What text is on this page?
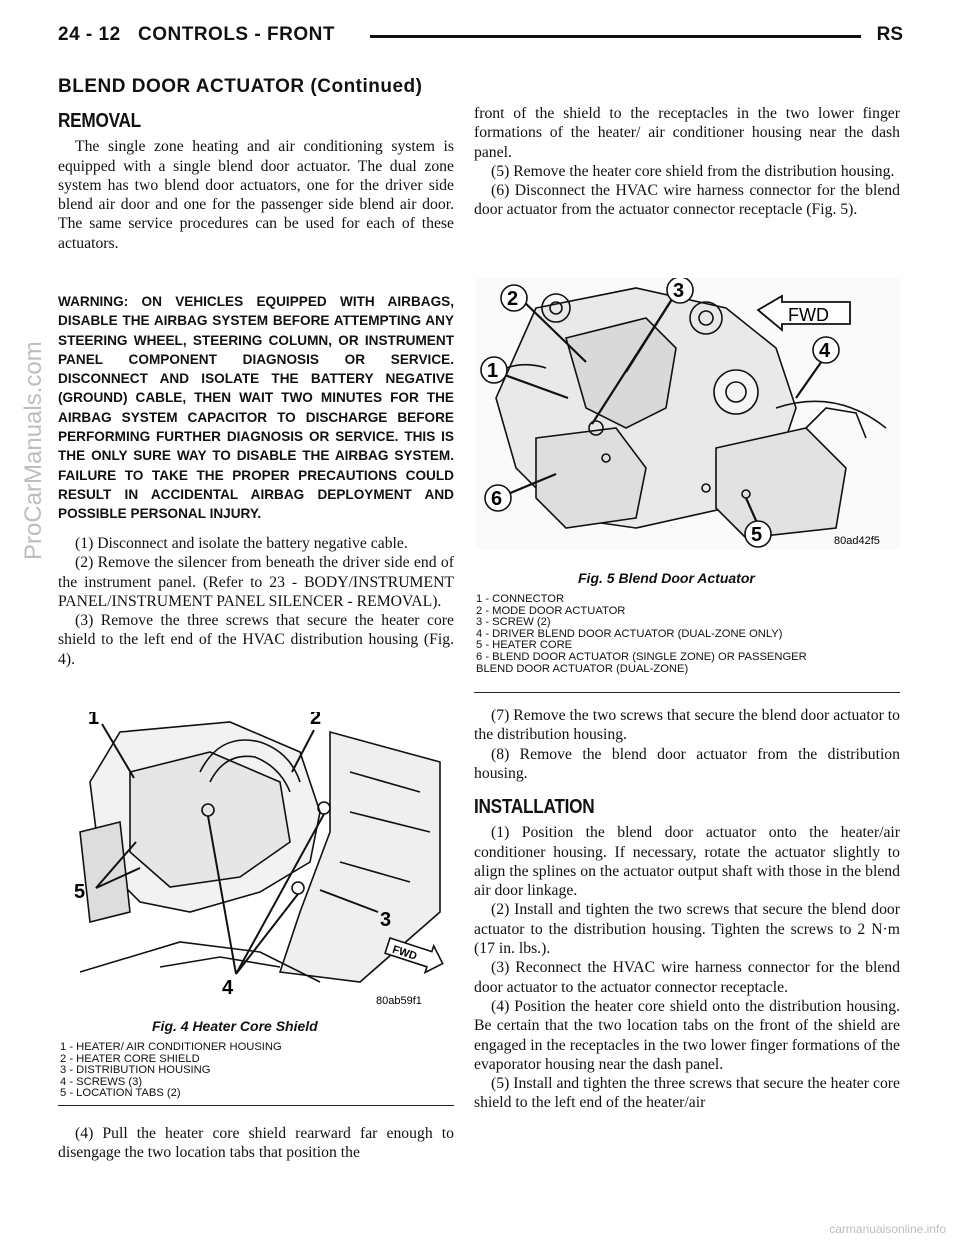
24 - 12 CONTROLS - FRONT	RS
BLEND DOOR ACTUATOR (Continued)
REMOVAL

The single zone heating and air conditioning system is equipped with a single blend door actuator. The dual zone system has two blend door actuators, one for the driver side blend air door and one for the passenger side blend air door. The same service procedures can be used for each of these actuators.

WARNING: ON VEHICLES EQUIPPED WITH AIRBAGS, DISABLE THE AIRBAG SYSTEM BEFORE ATTEMPTING ANY STEERING WHEEL, STEERING COLUMN, OR INSTRUMENT PANEL COMPONENT DIAGNOSIS OR SERVICE. DISCONNECT AND ISOLATE THE BATTERY NEGATIVE (GROUND) CABLE, THEN WAIT TWO MINUTES FOR THE AIRBAG SYSTEM CAPACITOR TO DISCHARGE BEFORE PERFORMING FURTHER DIAGNOSIS OR SERVICE. THIS IS THE ONLY SURE WAY TO DISABLE THE AIRBAG SYSTEM. FAILURE TO TAKE THE PROPER PRECAUTIONS COULD RESULT IN ACCIDENTAL AIRBAG DEPLOYMENT AND POSSIBLE PERSONAL INJURY.

(1) Disconnect and isolate the battery negative cable.

(2) Remove the silencer from beneath the driver side end of the instrument panel. (Refer to 23 - BODY/INSTRUMENT PANEL/INSTRUMENT PANEL SILENCER - REMOVAL).

(3) Remove the three screws that secure the heater core shield to the left end of the HVAC distribution housing (Fig. 4).

1	2
3
4
5
FWD
80ab59f1
Fig. 4 Heater Core Shield
1 - HEATER/ AIR CONDITIONER HOUSING
2 - HEATER CORE SHIELD
3 - DISTRIBUTION HOUSING
4 - SCREWS (3)
5 - LOCATION TABS (2)

(4) Pull the heater core shield rearward far enough to disengage the two location tabs that position the

front of the shield to the receptacles in the two lower finger formations of the heater/ air conditioner housing near the dash panel.

(5) Remove the heater core shield from the distribution housing.

(6) Disconnect the HVAC wire harness connector for the blend door actuator from the actuator connector receptacle (Fig. 5).

2	3
4
1
6
5
FWD
80ad42f5
Fig. 5 Blend Door Actuator
1 - CONNECTOR
2 - MODE DOOR ACTUATOR
3 - SCREW (2)
4 - DRIVER BLEND DOOR ACTUATOR (DUAL-ZONE ONLY)
5 - HEATER CORE
6 - BLEND DOOR ACTUATOR (SINGLE ZONE) OR PASSENGER
BLEND DOOR ACTUATOR (DUAL-ZONE)

(7) Remove the two screws that secure the blend door actuator to the distribution housing.

(8) Remove the blend door actuator from the distribution housing.

INSTALLATION

(1) Position the blend door actuator onto the heater/air conditioner housing. If necessary, rotate the actuator slightly to align the splines on the actuator output shaft with those in the blend air door linkage.

(2) Install and tighten the two screws that secure the blend door actuator to the distribution housing. Tighten the screws to 2 N·m (17 in. lbs.).

(3) Reconnect the HVAC wire harness connector for the blend door actuator to the actuator connector receptacle.

(4) Position the heater core shield onto the distribution housing. Be certain that the two location tabs on the front of the shield are engaged in the receptacles in the two lower finger formations of the evaporator housing near the dash panel.

(5) Install and tighten the three screws that secure the heater core shield to the left end of the heater/air

ProCarManuals.com
carmanualsonline.info
